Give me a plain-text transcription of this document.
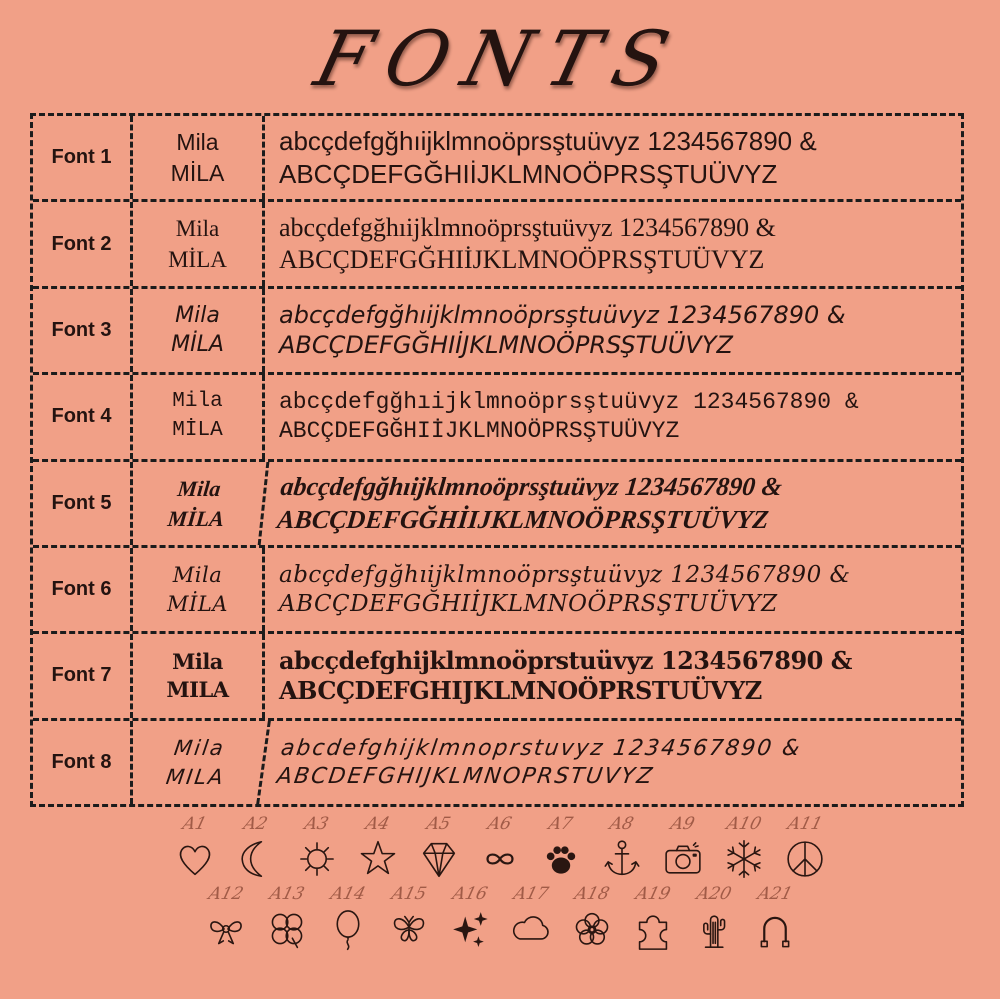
FONTS
Font 1
Mila
MİLA
abcçdefgğhıijklmnoöprsştuüvyz 1234567890 &
ABCÇDEFGĞHIİJKLMNOÖPRSŞTUÜVYZ
Font 2
Mila
MİLA
abcçdefgğhıijklmnoöprsştuüvyz 1234567890 &
ABCÇDEFGĞHIİJKLMNOÖPRSŞTUÜVYZ
Font 3
Mila
MİLA
abcçdefgğhıijklmnoöprsştuüvyz 1234567890 &
ABCÇDEFGĞHIİJKLMNOÖPRSŞTUÜVYZ
Font 4
Mila
MİLA
abcçdefgğhıijklmnoöprsştuüvyz 1234567890 &
ABCÇDEFGĞHIİJKLMNOÖPRSŞTUÜVYZ
Font 5
Mila
MİLA
abcçdefgğhıijklmnoöprsştuüvyz 1234567890 &
ABCÇDEFGĞHİIJKLMNOÖPRSŞTUÜVYZ
Font 6
Mila
MİLA
abcçdefgğhıijklmnoöprsştuüvyz 1234567890 &
ABCÇDEFGĞHIİJKLMNOÖPRSŞTUÜVYZ
Font 7
Mila
MILA
abcçdefghijklmnoöprstuüvyz 1234567890 &
ABCÇDEFGHIJKLMNOÖPRSTUÜVYZ
Font 8
Mila
MILA
abcdefghijklmnoprstuvyz 1234567890 &
ABCDEFGHIJKLMNOPRSTUVYZ
A1 A2 A3 A4 A5 A6 A7 A8 A9 A10 A11
A12 A13 A14 A15 A16 A17 A18 A19 A20 A21
